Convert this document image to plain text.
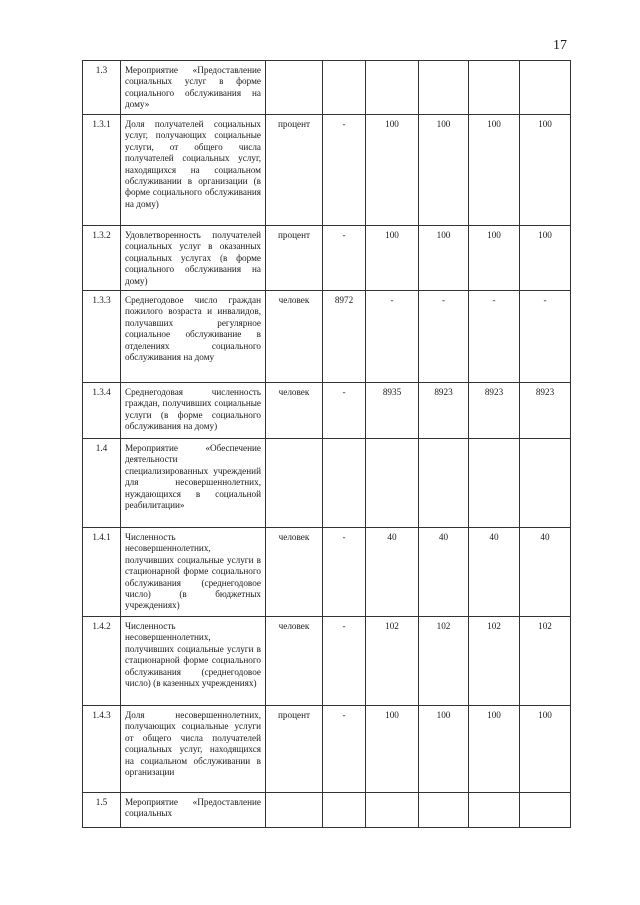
17
1.3	Мероприятие «Предоставление социальных услуг в форме социального обслуживания на дому»						
1.3.1	Доля получателей социальных услуг, получающих социальные услуги, от общего числа получателей социальных услуг, находящихся на социальном обслуживании в организации (в форме социального обслуживания на дому)	процент	-	100	100	100	100
1.3.2	Удовлетворенность получателей социальных услуг в оказанных социальных услугах (в форме социального обслуживания на дому)	процент	-	100	100	100	100
1.3.3	Среднегодовое число граждан пожилого возраста и инвалидов, получавших регулярное социальное обслуживание в отделениях социального обслуживания на дому	человек	8972	-	-	-	-
1.3.4	Среднегодовая численность граждан, получивших социальные услуги (в форме социального обслуживания на дому)	человек	-	8935	8923	8923	8923
1.4	Мероприятие «Обеспечение деятельности специализированных учреждений для несовершеннолетних, нуждающихся в социальной реабилитации»						
1.4.1	Численность несовершеннолетних, получивших социальные услуги в стационарной форме социального обслуживания (среднегодовое число) (в бюджетных учреждениях)	человек	-	40	40	40	40
1.4.2	Численность несовершеннолетних, получивших социальные услуги в стационарной форме социального обслуживания (среднегодовое число) (в казенных учреждениях)	человек	-	102	102	102	102
1.4.3	Доля несовершеннолетних, получающих социальные услуги от общего числа получателей социальных услуг, находящихся на социальном обслуживании в организации	процент	-	100	100	100	100
1.5	Мероприятие «Предоставление социальных						
